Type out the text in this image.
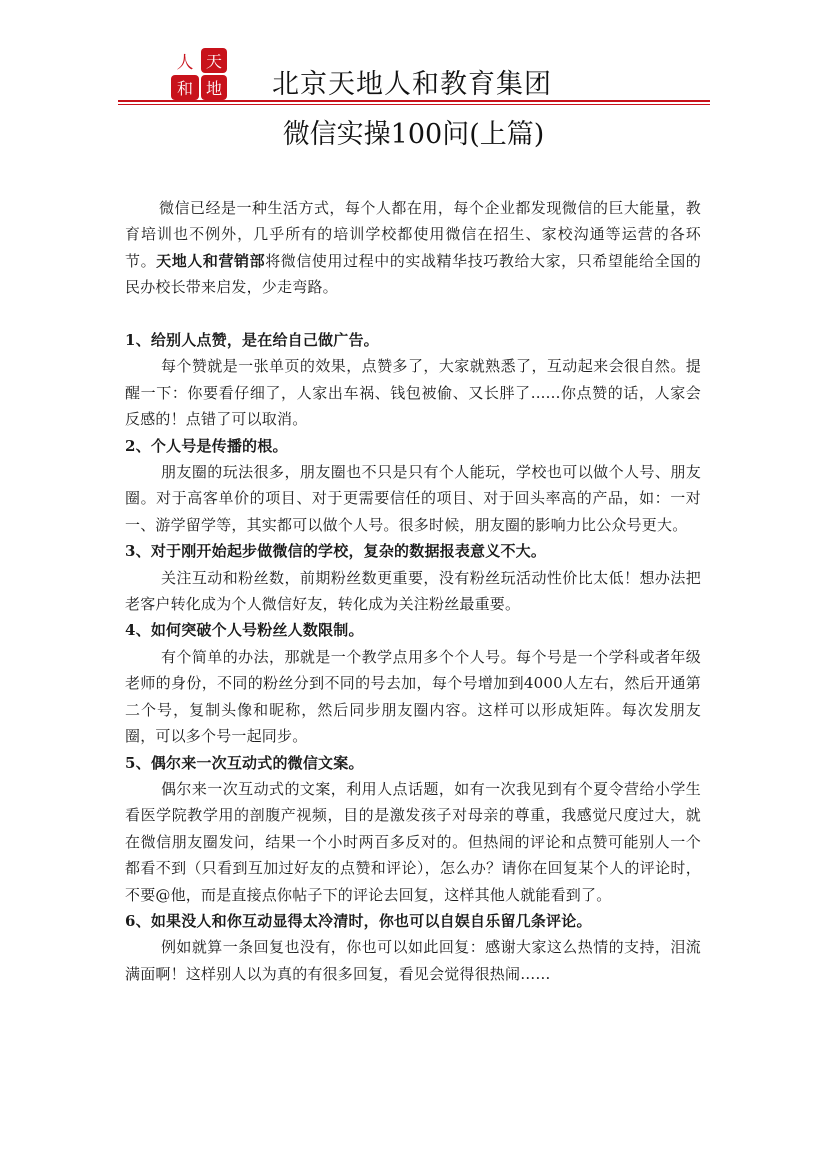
人 天
和 地 北京天地人和教育集团
微信实操100问(上篇)
微信已经是一种生活方式，每个人都在用，每个企业都发现微信的巨大能量，教育培训也不例外，几乎所有的培训学校都使用微信在招生、家校沟通等运营的各环节。天地人和营销部将微信使用过程中的实战精华技巧教给大家，只希望能给全国的民办校长带来启发，少走弯路。

1、给别人点赞，是在给自己做广告。

每个赞就是一张单页的效果，点赞多了，大家就熟悉了，互动起来会很自然。提醒一下：你要看仔细了，人家出车祸、钱包被偷、又长胖了......你点赞的话，人家会反感的！点错了可以取消。

2、个人号是传播的根。

朋友圈的玩法很多，朋友圈也不只是只有个人能玩，学校也可以做个人号、朋友圈。对于高客单价的项目、对于更需要信任的项目、对于回头率高的产品，如：一对一、游学留学等，其实都可以做个人号。很多时候，朋友圈的影响力比公众号更大。

3、对于刚开始起步做微信的学校，复杂的数据报表意义不大。

关注互动和粉丝数，前期粉丝数更重要，没有粉丝玩活动性价比太低！想办法把老客户转化成为个人微信好友，转化成为关注粉丝最重要。

4、如何突破个人号粉丝人数限制。

有个简单的办法，那就是一个教学点用多个个人号。每个号是一个学科或者年级老师的身份，不同的粉丝分到不同的号去加，每个号增加到4000人左右，然后开通第二个号，复制头像和昵称，然后同步朋友圈内容。这样可以形成矩阵。每次发朋友圈，可以多个号一起同步。

5、偶尔来一次互动式的微信文案。

偶尔来一次互动式的文案，利用人点话题，如有一次我见到有个夏令营给小学生看医学院教学用的剖腹产视频，目的是激发孩子对母亲的尊重，我感觉尺度过大，就在微信朋友圈发问，结果一个小时两百多反对的。但热闹的评论和点赞可能别人一个都看不到（只看到互加过好友的点赞和评论），怎么办？请你在回复某个人的评论时，不要@他，而是直接点你帖子下的评论去回复，这样其他人就能看到了。

6、如果没人和你互动显得太冷清时，你也可以自娱自乐留几条评论。

例如就算一条回复也没有，你也可以如此回复：感谢大家这么热情的支持，泪流满面啊！这样别人以为真的有很多回复，看见会觉得很热闹……
